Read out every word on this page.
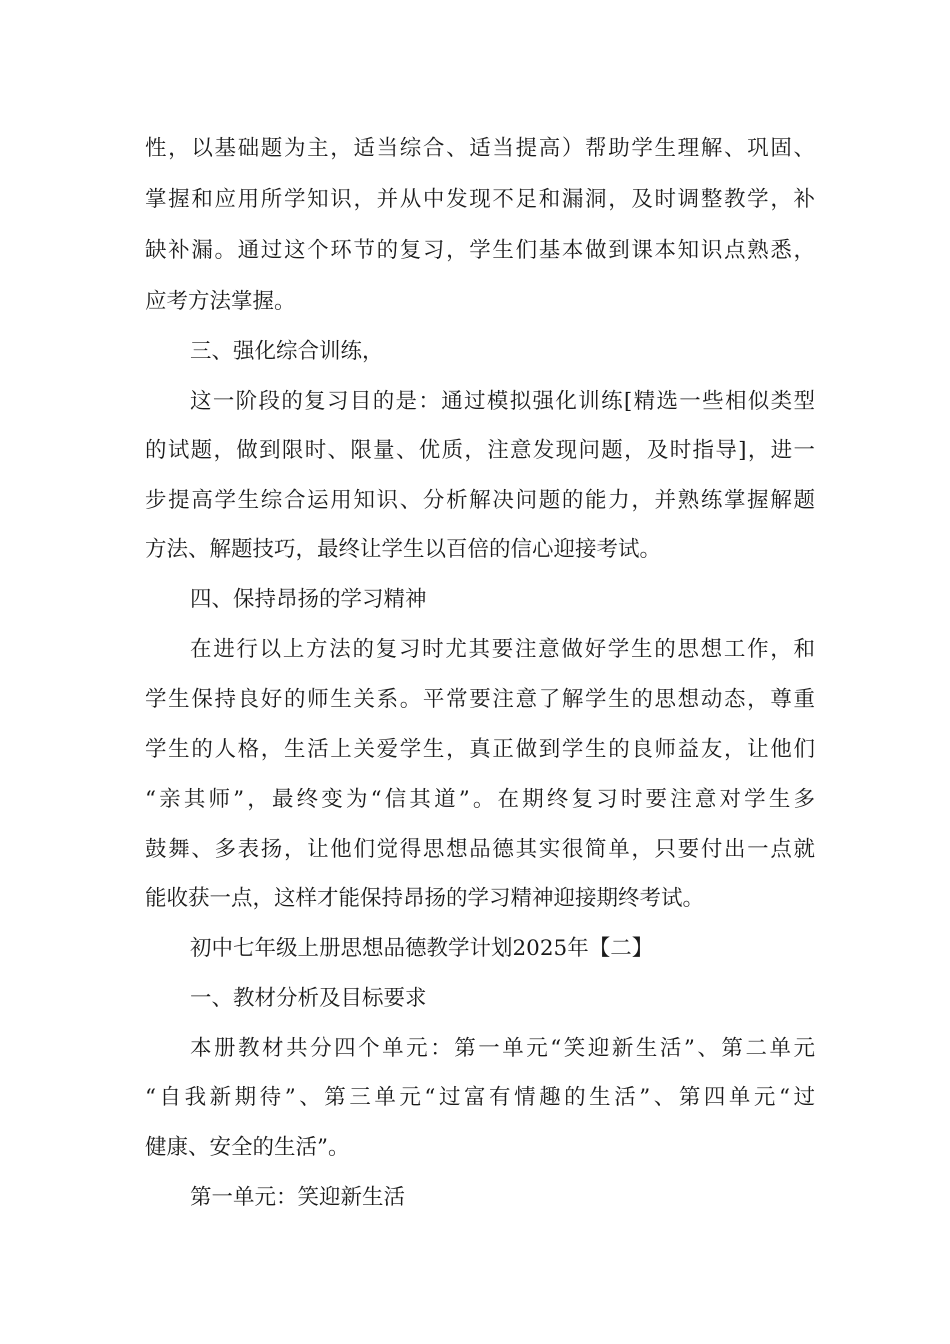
性，以基础题为主，适当综合、适当提高）帮助学生理解、巩固、
掌握和应用所学知识，并从中发现不足和漏洞，及时调整教学，补
缺补漏。通过这个环节的复习，学生们基本做到课本知识点熟悉，
应考方法掌握。
三、强化综合训练，
这一阶段的复习目的是：通过模拟强化训练[精选一些相似类型
的试题，做到限时、限量、优质，注意发现问题，及时指导]，进一
步提高学生综合运用知识、分析解决问题的能力，并熟练掌握解题
方法、解题技巧，最终让学生以百倍的信心迎接考试。
四、保持昂扬的学习精神
在进行以上方法的复习时尤其要注意做好学生的思想工作，和
学生保持良好的师生关系。平常要注意了解学生的思想动态，尊重
学生的人格，生活上关爱学生，真正做到学生的良师益友，让他们
“亲其师”，最终变为“信其道”。在期终复习时要注意对学生多
鼓舞、多表扬，让他们觉得思想品德其实很简单，只要付出一点就
能收获一点，这样才能保持昂扬的学习精神迎接期终考试。
初中七年级上册思想品德教学计划2025年【二】
一、教材分析及目标要求
本册教材共分四个单元：第一单元“笑迎新生活”、第二单元
“自我新期待”、第三单元“过富有情趣的生活”、第四单元“过
健康、安全的生活”。
第一单元：笑迎新生活
